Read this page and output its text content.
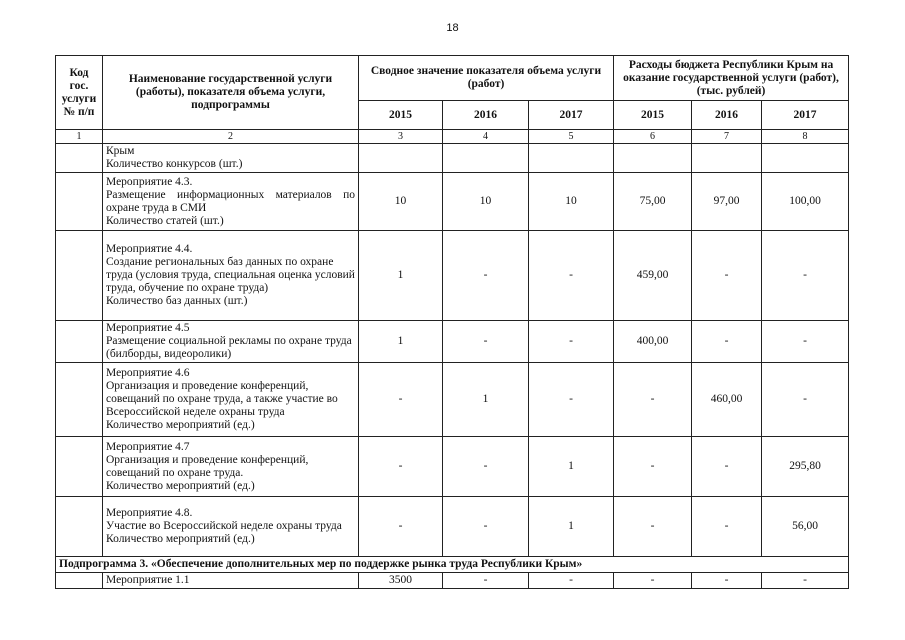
18
Код гос. услуги № п/п	Наименование государственной услуги (работы), показателя объема услуги, подпрограммы	Сводное значение показателя объема услуги (работ)			Расходы бюджета Республики Крым на оказание государственной услуги (работ), (тыс. рублей)		
		2015	2016	2017	2015	2016	2017
1	2	3	4	5	6	7	8

	Крым
Количество конкурсов (шт.)						

	Мероприятие 4.3.
Размещение информационных материалов по охране труда в СМИ
Количество статей (шт.)	10	10	10	75,00	97,00	100,00

	Мероприятие 4.4.
Создание региональных баз данных по охране труда (условия труда, специальная оценка условий труда, обучение по охране труда)
Количество баз данных (шт.)	1	-	-	459,00	-	-

	Мероприятие 4.5
Размещение социальной рекламы по охране труда (билборды, видеоролики)	1	-	-	400,00	-	-

	Мероприятие 4.6
Организация и проведение конференций, совещаний по охране труда, а также участие во Всероссийской неделе охраны труда
Количество мероприятий (ед.)	-	1	-	-	460,00	-

	Мероприятие 4.7
Организация и проведение конференций, совещаний по охране труда.
Количество мероприятий (ед.)	-	-	1	-	-	295,80

	Мероприятие 4.8.
Участие во Всероссийской неделе охраны труда
Количество мероприятий (ед.)	-	-	1	-	-	56,00
Подпрограмма 3. «Обеспечение дополнительных мер по поддержке рынка труда Республики Крым»							

	Мероприятие 1.1	3500	-	-	-	-	-
